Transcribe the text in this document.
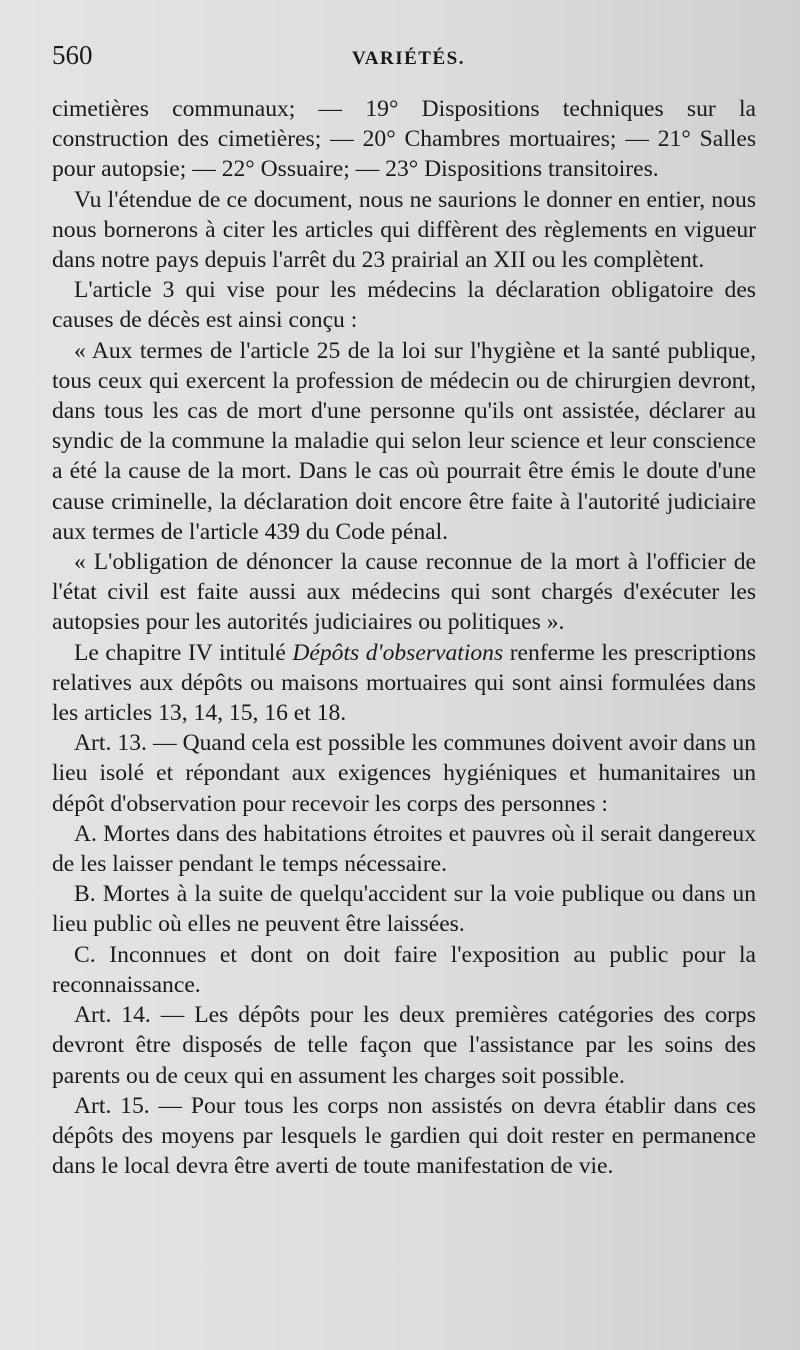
560	VARIÉTÉS.

cimetières communaux; — 19° Dispositions techniques sur la construction des cimetières; — 20° Chambres mortuaires; — 21° Salles pour autopsie; — 22° Ossuaire; — 23° Dispositions transitoires.

Vu l'étendue de ce document, nous ne saurions le donner en entier, nous nous bornerons à citer les articles qui diffèrent des règlements en vigueur dans notre pays depuis l'arrêt du 23 prairial an XII ou les complètent.

L'article 3 qui vise pour les médecins la déclaration obligatoire des causes de décès est ainsi conçu :

« Aux termes de l'article 25 de la loi sur l'hygiène et la santé publique, tous ceux qui exercent la profession de médecin ou de chirurgien devront, dans tous les cas de mort d'une personne qu'ils ont assistée, déclarer au syndic de la commune la maladie qui selon leur science et leur conscience a été la cause de la mort. Dans le cas où pourrait être émis le doute d'une cause criminelle, la déclaration doit encore être faite à l'autorité judiciaire aux termes de l'article 439 du Code pénal.

« L'obligation de dénoncer la cause reconnue de la mort à l'officier de l'état civil est faite aussi aux médecins qui sont chargés d'exécuter les autopsies pour les autorités judiciaires ou politiques ».

Le chapitre IV intitulé Dépôts d'observations renferme les prescriptions relatives aux dépôts ou maisons mortuaires qui sont ainsi formulées dans les articles 13, 14, 15, 16 et 18.

Art. 13. — Quand cela est possible les communes doivent avoir dans un lieu isolé et répondant aux exigences hygiéniques et humanitaires un dépôt d'observation pour recevoir les corps des personnes :

A. Mortes dans des habitations étroites et pauvres où il serait dangereux de les laisser pendant le temps nécessaire.

B. Mortes à la suite de quelqu'accident sur la voie publique ou dans un lieu public où elles ne peuvent être laissées.

C. Inconnues et dont on doit faire l'exposition au public pour la reconnaissance.

Art. 14. — Les dépôts pour les deux premières catégories des corps devront être disposés de telle façon que l'assistance par les soins des parents ou de ceux qui en assument les charges soit possible.

Art. 15. — Pour tous les corps non assistés on devra établir dans ces dépôts des moyens par lesquels le gardien qui doit rester en permanence dans le local devra être averti de toute manifestation de vie.
